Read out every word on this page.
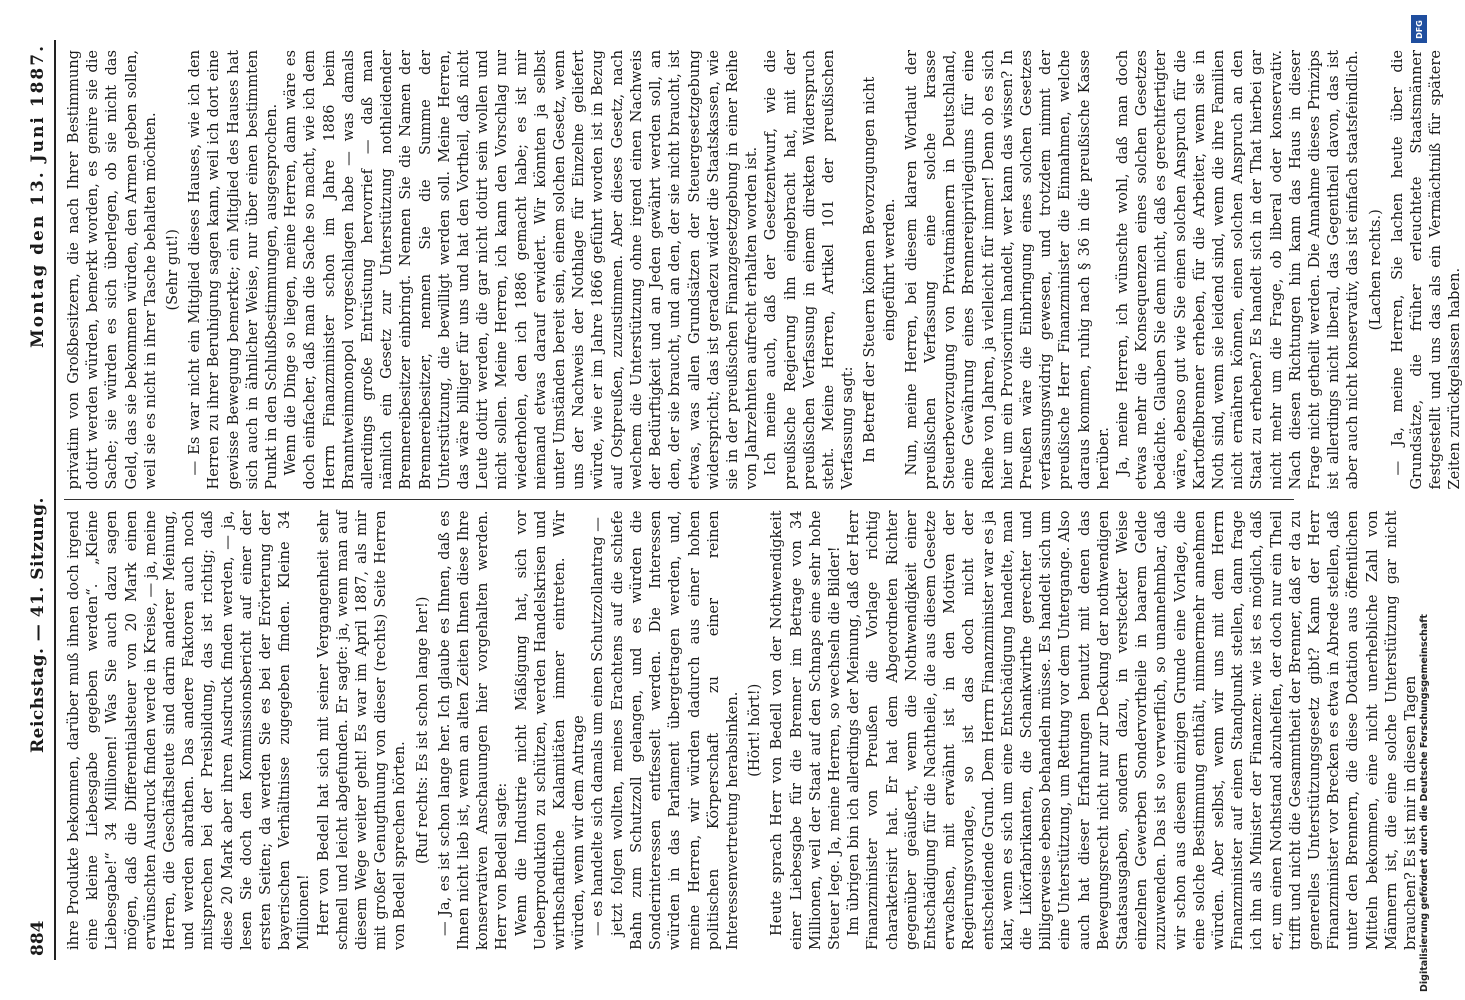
884
Reichstag. — 41. Sitzung.
Montag den 13. Juni 1887.

ihre Produkte bekommen, darüber muß ihnen doch irgend eine kleine Liebesgabe gegeben werden“. „Kleine Liebesgabe!“ 34 Millionen! Was Sie auch dazu sagen mögen, daß die Differentialsteuer von 20 Mark einen erwünschten Ausdruck finden werde in Kreise, — ja, meine Herren, die Geschäftsleute sind darin anderer Meinung, und werden abrathen. Das andere Faktoren auch noch mitsprechen bei der Preisbildung, das ist richtig; daß diese 20 Mark aber ihren Ausdruck finden werden, — ja, lesen Sie doch den Kommissionsbericht auf einer der ersten Seiten; da werden Sie es bei der Erörterung der bayerischen Verhältnisse zugegeben finden. Kleine 34 Millionen! Herr von Bedell hat sich mit seiner Vergangenheit sehr schnell und leicht abgefunden. Er sagte: ja, wenn man auf diesem Wege weiter geht! Es war im April 1887, als mir mit großer Genugthuung von dieser (rechts) Seite Herren von Bedell sprechen hörten. (Ruf rechts: Es ist schon lange her!) — Ja, es ist schon lange her. Ich glaube es Ihnen, daß es Ihnen nicht lieb ist, wenn an alten Zeiten Ihnen diese Ihre konservativen Anschauungen hier vorgehalten werden. Herr von Bedell sagte: Wenn die Industrie nicht Mäßigung hat, sich vor Ueberproduktion zu schützen, werden Handelskrisen und wirthschaftliche Kalamitäten immer eintreten. Wir würden, wenn wir dem Antrage — es handelte sich damals um einen Schutzzollantrag — jetzt folgen wollten, meines Erachtens auf die schiefe Bahn zum Schutzzoll gelangen, und es würden die Sonderinteressen entfesselt werden. Die Interessen würden in das Parlament übergetragen werden, und, meine Herren, wir würden dadurch aus einer hohen politischen Körperschaft zu einer reinen Interessenvertretung herabsinken. (Hört! hört!) Heute sprach Herr von Bedell von der Nothwendigkeit einer Liebesgabe für die Brenner im Betrage von 34 Millionen, weil der Staat auf den Schnaps eine sehr hohe Steuer lege. Ja, meine Herren, so wechseln die Bilder! Im übrigen bin ich allerdings der Meinung, daß der Herr Finanzminister von Preußen die Vorlage richtig charakterisirt hat. Er hat dem Abgeordneten Richter gegenüber geäußert, wenn die Nothwendigkeit einer Entschädigung für die Nachtheile, die aus diesem Gesetze erwachsen, mit erwähnt ist in den Motiven der Regierungsvorlage, so ist das doch nicht der entscheidende Grund. Dem Herrn Finanzminister war es ja klar, wenn es sich um eine Entschädigung handelte, man die Likörfabrikanten, die Schankwirthe gerechter und billigerweise ebenso behandeln müsse. Es handelt sich um eine Unterstützung, um Rettung vor dem Untergange. Also auch hat dieser Erfahrungen benutzt mit denen das Bewegungsrecht nicht nur zur Deckung der nothwendigen Staatsausgaben, sondern dazu, in versteckter Weise einzelnen Gewerben Sondervortheile in baarem Gelde zuzuwenden. Das ist so verwerflich, so unannehmbar, daß wir schon aus diesem einzigen Grunde eine Vorlage, die eine solche Bestimmung enthält, nimmermehr annehmen würden. Aber selbst, wenn wir uns mit dem Herrn Finanzminister auf einen Standpunkt stellen, dann frage ich ihn als Minister der Finanzen: wie ist es möglich, daß er, um einen Nothstand abzuhelfen, der doch nur ein Theil trifft und nicht die Gesammtheit der Brenner, daß er da zu generelles Unterstützungsgesetz gibt? Kann der Herr Finanzminister vor Brecken es etwa in Abrede stellen, daß unter den Brennern, die diese Dotation aus öffentlichen Mitteln bekommen, eine nicht unerhebliche Zahl von Männern ist, die eine solche Unterstützung gar nicht brauchen? Es ist mir in diesen Tagen

privatim von Großbesitzern, die nach Ihrer Bestimmung dotirt werden würden, bemerkt worden, es genire sie die Sache; sie würden es sich überlegen, ob sie nicht das Geld, das sie bekommen würden, den Armen geben sollen, weil sie es nicht in ihrer Tasche behalten möchten. (Sehr gut!) — Es war nicht ein Mitglied dieses Hauses, wie ich den Herren zu ihrer Beruhigung sagen kann, weil ich dort eine gewisse Bewegung bemerkte; ein Mitglied des Hauses hat sich auch in ähnlicher Weise, nur über einen bestimmten Punkt in den Schlußbestimmungen, ausgesprochen. Wenn die Dinge so liegen, meine Herren, dann wäre es doch einfacher, daß man die Sache so macht, wie ich dem Herrn Finanzminister schon im Jahre 1886 beim Branntweinmonopol vorgeschlagen habe — was damals allerdings große Entrüstung hervorrief — daß man nämlich ein Gesetz zur Unterstützung nothleidender Brennereibesitzer einbringt. Nennen Sie die Namen der Brennereibesitzer, nennen Sie die Summe der Unterstützung, die bewilligt werden soll. Meine Herren, das wäre billiger für uns und hat den Vortheil, daß nicht Leute dotirt werden, die gar nicht dotirt sein wollen und nicht sollen. Meine Herren, ich kann den Vorschlag nur wiederholen, den ich 1886 gemacht habe; es ist mir niemand etwas darauf erwidert. Wir könnten ja selbst unter Umständen bereit sein, einem solchen Gesetz, wenn uns der Nachweis der Nothlage für Einzelne geliefert würde, wie er im Jahre 1866 geführt worden ist in Bezug auf Ostpreußen, zuzustimmen. Aber dieses Gesetz, nach welchem die Unterstützung ohne irgend einen Nachweis der Bedürftigkeit und an Jeden gewährt werden soll, an den, der sie braucht, und an den, der sie nicht braucht, ist etwas, was allen Grundsätzen der Steuergesetzgebung widerspricht; das ist geradezu wider die Staatskassen, wie sie in der preußischen Finanzgesetzgebung in einer Reihe von Jahrzehnten aufrecht erhalten worden ist. Ich meine auch, daß der Gesetzentwurf, wie die preußische Regierung ihn eingebracht hat, mit der preußischen Verfassung in einem direkten Widerspruch steht. Meine Herren, Artikel 101 der preußischen Verfassung sagt: In Betreff der Steuern können Bevorzugungen nicht eingeführt werden. Nun, meine Herren, bei diesem klaren Wortlaut der preußischen Verfassung eine solche krasse Steuerbevorzugung von Privatmännern in Deutschland, eine Gewährung eines Brennereiprivilegiums für eine Reihe von Jahren, ja vielleicht für immer! Denn ob es sich hier um ein Provisorium handelt, wer kann das wissen? In Preußen wäre die Einbringung eines solchen Gesetzes verfassungswidrig gewesen, und trotzdem nimmt der preußische Herr Finanzminister die Einnahmen, welche daraus kommen, ruhig nach § 36 in die preußische Kasse herüber. Ja, meine Herren, ich wünschte wohl, daß man doch etwas mehr die Konsequenzen eines solchen Gesetzes bedächte. Glauben Sie denn nicht, daß es gerechtfertigter wäre, ebenso gut wie Sie einen solchen Anspruch für die Kartoffelbrenner erheben, für die Arbeiter, wenn sie in Noth sind, wenn sie leidend sind, wenn die ihre Familien nicht ernähren können, einen solchen Anspruch an den Staat zu erheben? Es handelt sich in der That hierbei gar nicht mehr um die Frage, ob liberal oder konservativ. Nach diesen Richtungen hin kann das Haus in dieser Frage nicht getheilt werden. Die Annahme dieses Prinzips ist allerdings nicht liberal, das Gegentheil davon, das ist aber auch nicht konservativ, das ist einfach staatsfeindlich. (Lachen rechts.) — Ja, meine Herren, Sie lachen heute über die Grundsätze, die früher erleuchtete Staatsmänner festgestellt und uns das als ein Vermächtniß für spätere Zeiten zurückgelassen haben.

DFG
Digitalisierung gefördert durch die Deutsche Forschungsgemeinschaft
